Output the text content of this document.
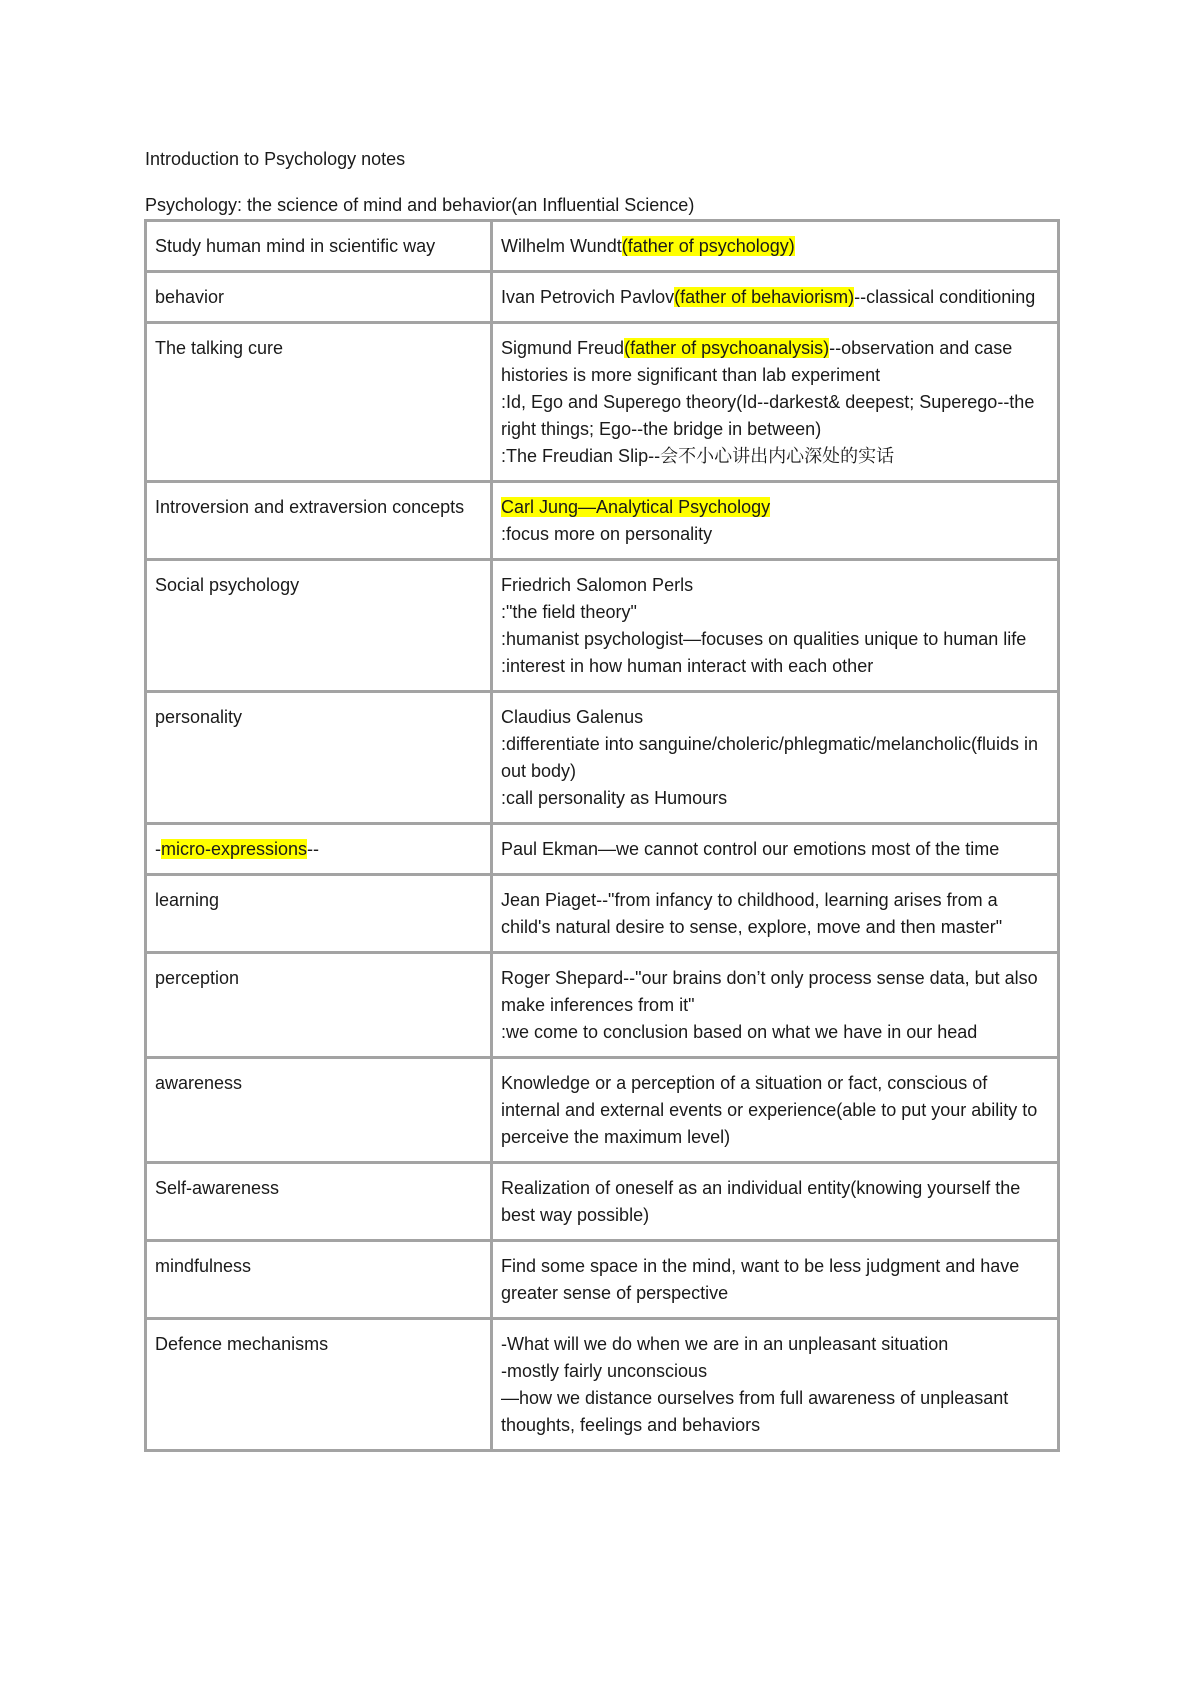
Introduction to Psychology notes
Psychology: the science of mind and behavior(an Influential Science)
Study human mind in scientific way	Wilhelm Wundt(father of psychology)

behavior	Ivan Petrovich Pavlov(father of behaviorism)--classical conditioning

The talking cure	Sigmund Freud(father of psychoanalysis)--observation and case histories is more significant than lab experiment
:Id, Ego and Superego theory(Id--darkest& deepest; Superego--the right things; Ego--the bridge in between)
:The Freudian Slip--会不小心讲出内心深处的实话

Introversion and extraversion concepts	Carl Jung—Analytical Psychology
:focus more on personality

Social psychology	Friedrich Salomon Perls
:"the field theory"
:humanist psychologist—focuses on qualities unique to human life
:interest in how human interact with each other

personality	Claudius Galenus
:differentiate into sanguine/choleric/phlegmatic/melancholic(fluids in out body)
:call personality as Humours

-micro-expressions--	Paul Ekman—we cannot control our emotions most of the time

learning	Jean Piaget--"from infancy to childhood, learning arises from a child's natural desire to sense, explore, move and then master"

perception	Roger Shepard--"our brains don’t only process sense data, but also make inferences from it"
:we come to conclusion based on what we have in our head

awareness	Knowledge or a perception of a situation or fact, conscious of internal and external events or experience(able to put your ability to perceive the maximum level)

Self-awareness	Realization of oneself as an individual entity(knowing yourself the best way possible)

mindfulness	Find some space in the mind, want to be less judgment and have greater sense of perspective

Defence mechanisms	-What will we do when we are in an unpleasant situation
-mostly fairly unconscious
—how we distance ourselves from full awareness of unpleasant thoughts, feelings and behaviors
